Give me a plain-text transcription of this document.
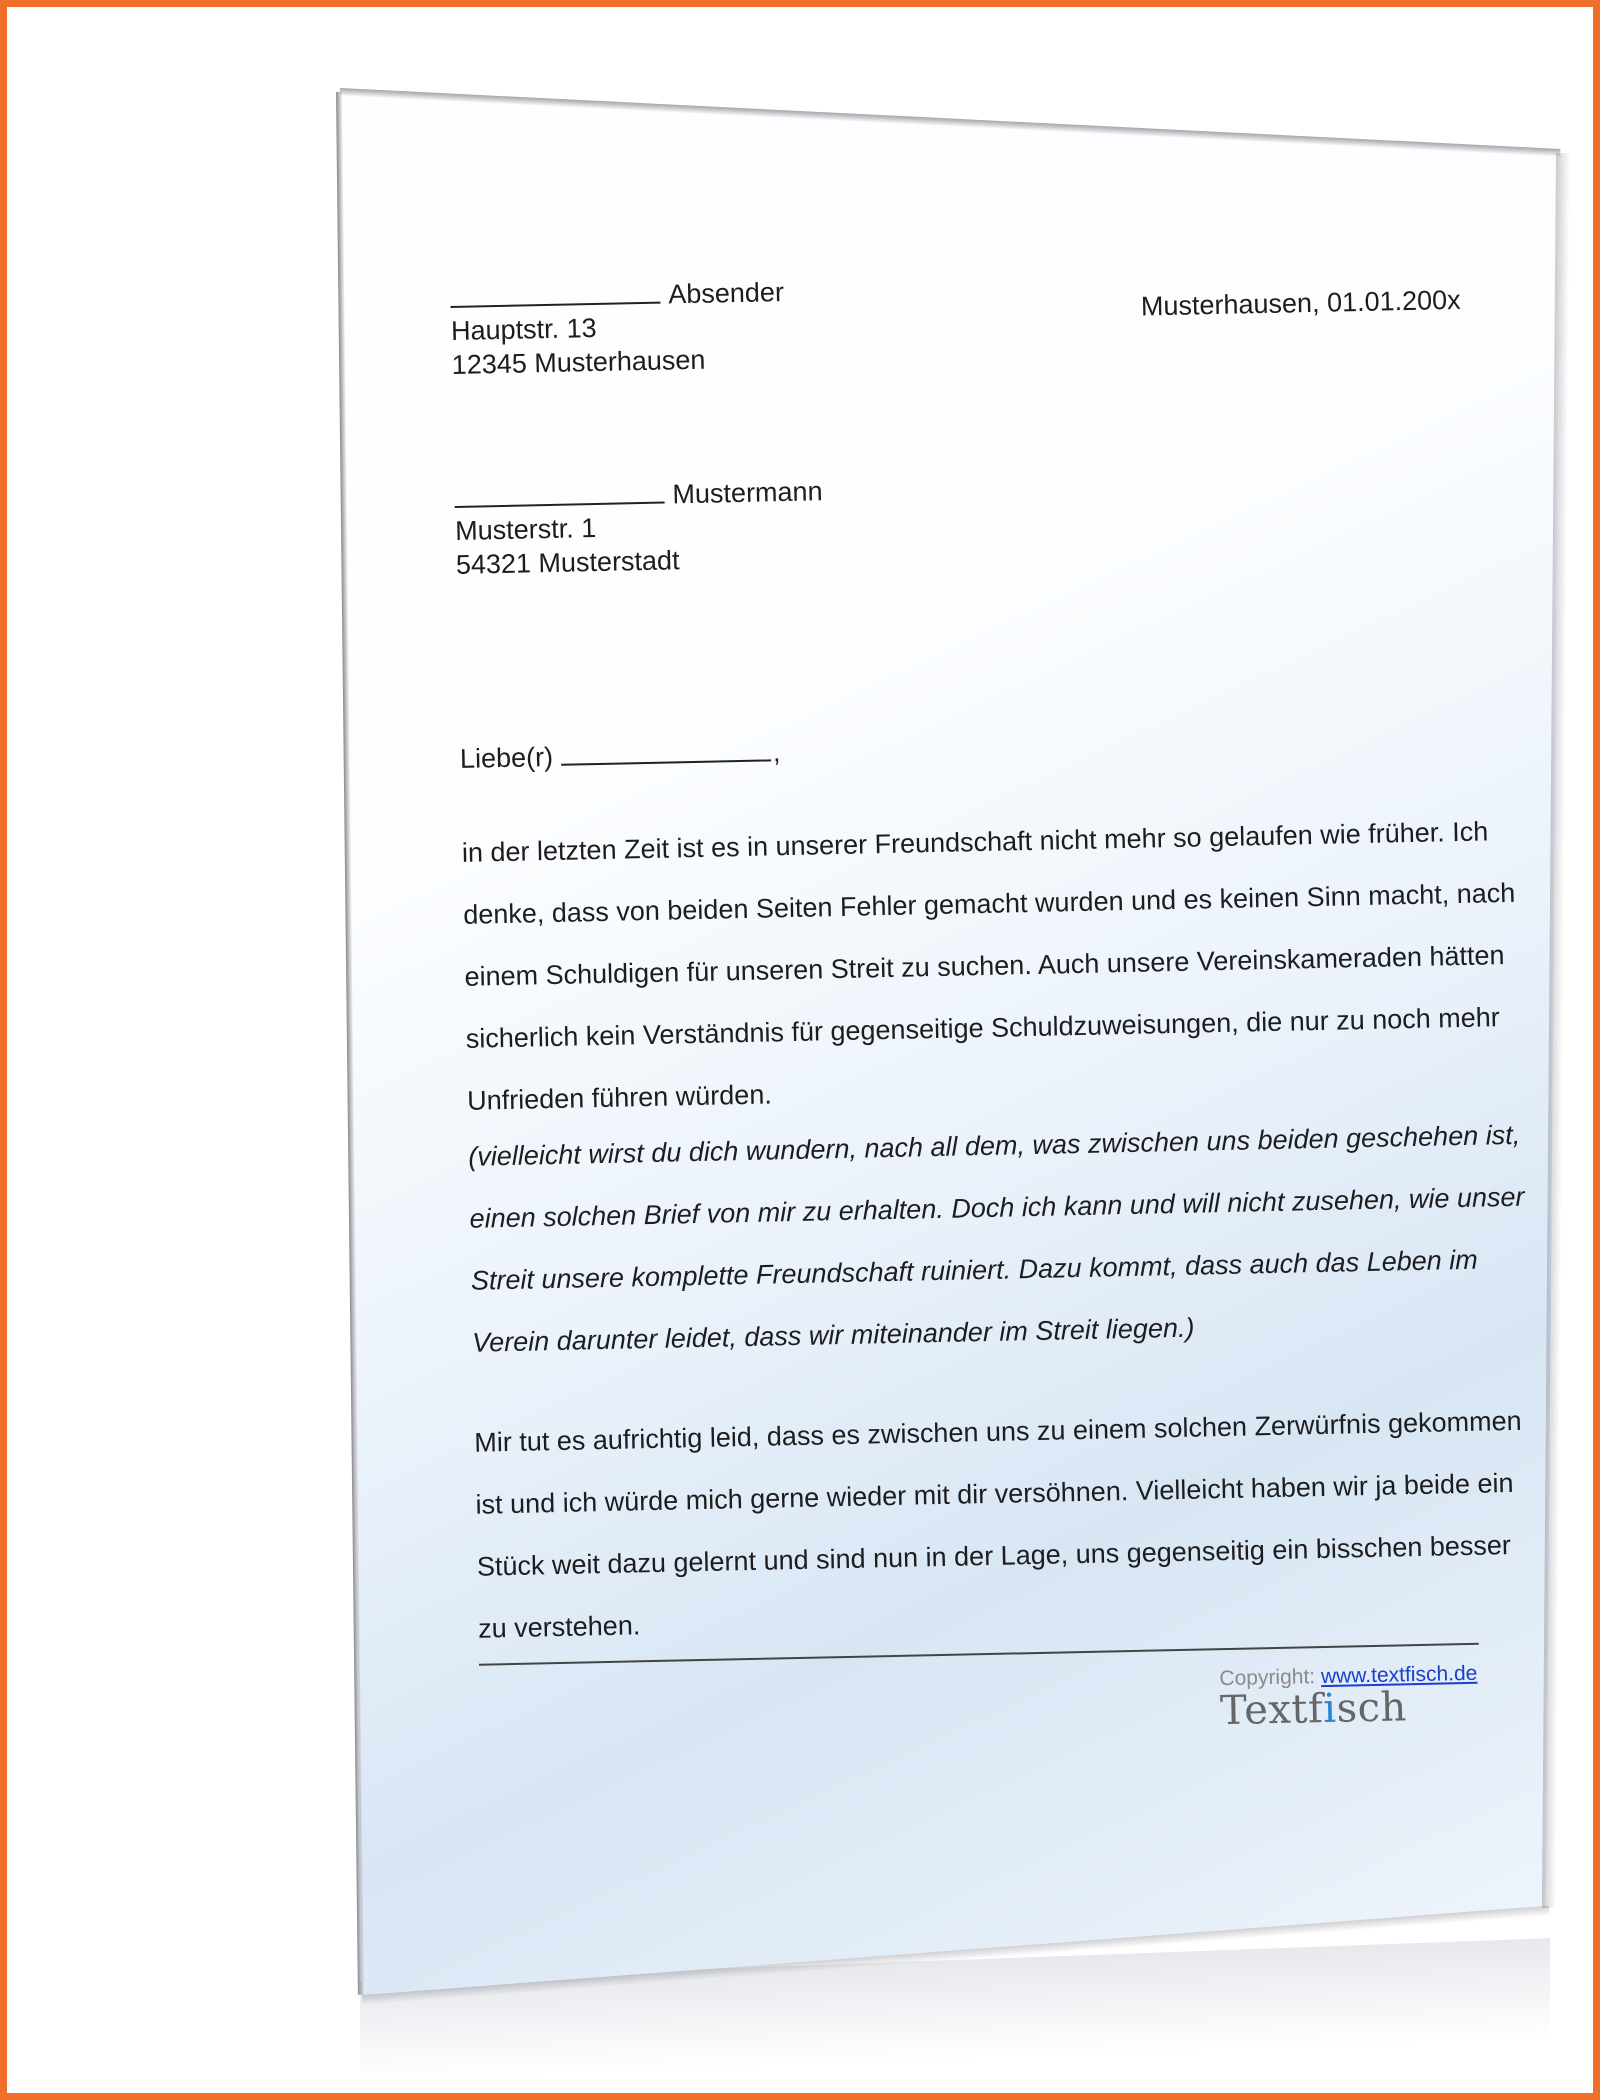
Absender
Hauptstr. 13
12345 Musterhausen
Musterhausen, 01.01.200x
Mustermann
Musterstr. 1
54321 Musterstadt
Liebe(r)	,

in der letzten Zeit ist es in unserer Freundschaft nicht mehr so gelaufen wie früher. Ich

denke, dass von beiden Seiten Fehler gemacht wurden und es keinen Sinn macht, nach

einem Schuldigen für unseren Streit zu suchen. Auch unsere Vereinskameraden hätten

sicherlich kein Verständnis für gegenseitige Schuldzuweisungen, die nur zu noch mehr

Unfrieden führen würden.

(vielleicht wirst du dich wundern, nach all dem, was zwischen uns beiden geschehen ist,

einen solchen Brief von mir zu erhalten. Doch ich kann und will nicht zusehen, wie unser

Streit unsere komplette Freundschaft ruiniert. Dazu kommt, dass auch das Leben im

Verein darunter leidet, dass wir miteinander im Streit liegen.)

Mir tut es aufrichtig leid, dass es zwischen uns zu einem solchen Zerwürfnis gekommen

ist und ich würde mich gerne wieder mit dir versöhnen. Vielleicht haben wir ja beide ein

Stück weit dazu gelernt und sind nun in der Lage, uns gegenseitig ein bisschen besser

zu verstehen.

Copyright: www.textfisch.de
Textfisch
